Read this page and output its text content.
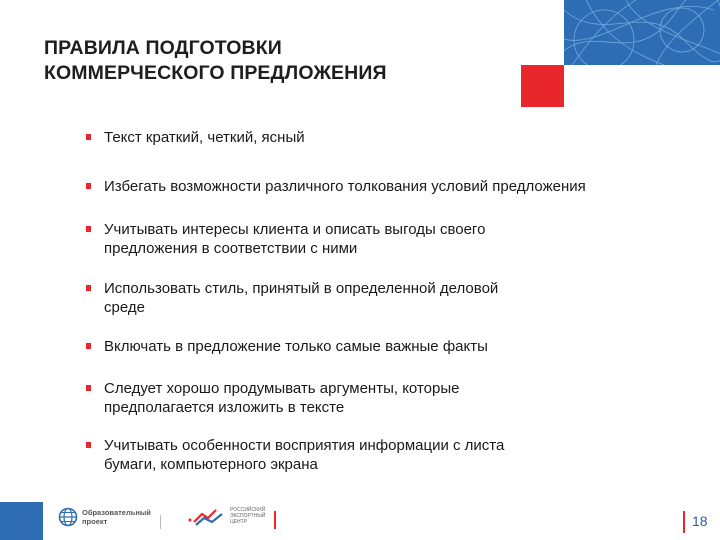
ПРАВИЛА ПОДГОТОВКИ
КОММЕРЧЕСКОГО ПРЕДЛОЖЕНИЯ
Текст краткий, четкий, ясный
Избегать возможности различного толкования условий предложения
Учитывать интересы клиента и описать выгоды своего
предложения в соответствии с ними
Использовать стиль, принятый в определенной деловой
среде
Включать в предложение только самые важные факты
Следует хорошо продумывать аргументы, которые
предполагается изложить в тексте
Учитывать особенности восприятия информации с листа
бумаги, компьютерного экрана
Образовательный
проект
РОССИЙСКИЙ
ЭКСПОРТНЫЙ
ЦЕНТР	18
